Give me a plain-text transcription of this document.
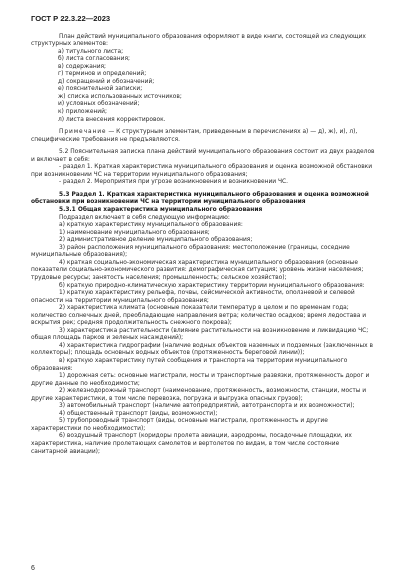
ГОСТ Р 22.3.22—2023

План действий муниципального образования оформляют в виде книги, состоящей из следующих структурных элементов:

а) титульного листа;

б) листа согласования;

в) содержания;

г) терминов и определений;

д) сокращений и обозначений;

е) пояснительной записки;

ж) списка использованных источников;

и) условных обозначений;

к) приложений;

л) листа внесения корректировок.

Примечание — К структурным элементам, приведенным в перечислениях а) — д), ж), и), л), специфические требования не предъявляются.

5.2 Пояснительная записка плана действий муниципального образования состоит из двух разделов и включает в себя:

- раздел 1. Краткая характеристика муниципального образования и оценка возможной обстановки при возникновении ЧС на территории муниципального образования;

- раздел 2. Мероприятия при угрозе возникновения и возникновении ЧС.

5.3 Раздел 1. Краткая характеристика муниципального образования и оценка возможной обстановки при возникновении ЧС на территории муниципального образования

5.3.1 Общая характеристика муниципального образования

Подраздел включает в себя следующую информацию:

а) краткую характеристику муниципального образования:

1) наименование муниципального образования;

2) административное деление муниципального образования;

3) район расположения муниципального образования: местоположение (границы, соседние муниципальные образования);

4) краткая социально-экономическая характеристика муниципального образования (основные показатели социально-экономического развития: демографическая ситуация; уровень жизни населения; трудовые ресурсы; занятость населения; промышленность; сельское хозяйство);

б) краткую природно-климатическую характеристику территории муниципального образования:

1) краткую характеристику рельефа, почвы, сейсмической активности, оползневой и селевой опасности на территории муниципального образования;

2) характеристика климата (основные показатели температур в целом и по временам года; количество солнечных дней, преобладающие направления ветра; количество осадков; время ледостава и вскрытия рек; средняя продолжительность снежного покрова);

3) характеристика растительности (влияние растительности на возникновение и ликвидацию ЧС; общая площадь парков и зеленых насаждений);

4) характеристика гидрографии (наличие водных объектов наземных и подземных (заключенных в коллекторы); площадь основных водных объектов (протяженность береговой линии));

в) краткую характеристику путей сообщения и транспорта на территории муниципального образования:

1) дорожная сеть: основные магистрали, мосты и транспортные развязки, протяженность дорог и другие данные по необходимости;

2) железнодорожный транспорт (наименование, протяженность, возможности, станции, мосты и другие характеристики, в том числе перевозка, погрузка и выгрузка опасных грузов);

3) автомобильный транспорт (наличие автопредприятий, автотранспорта и их возможности);

4) общественный транспорт (виды, возможности);

5) трубопроводный транспорт (виды, основные магистрали, протяженность и другие характеристики по необходимости);

6) воздушный транспорт (коридоры пролета авиации, аэродромы, посадочные площадки, их характеристика, наличие пролетающих самолетов и вертолетов по видам, в том числе состояние санитарной авиации);

6
